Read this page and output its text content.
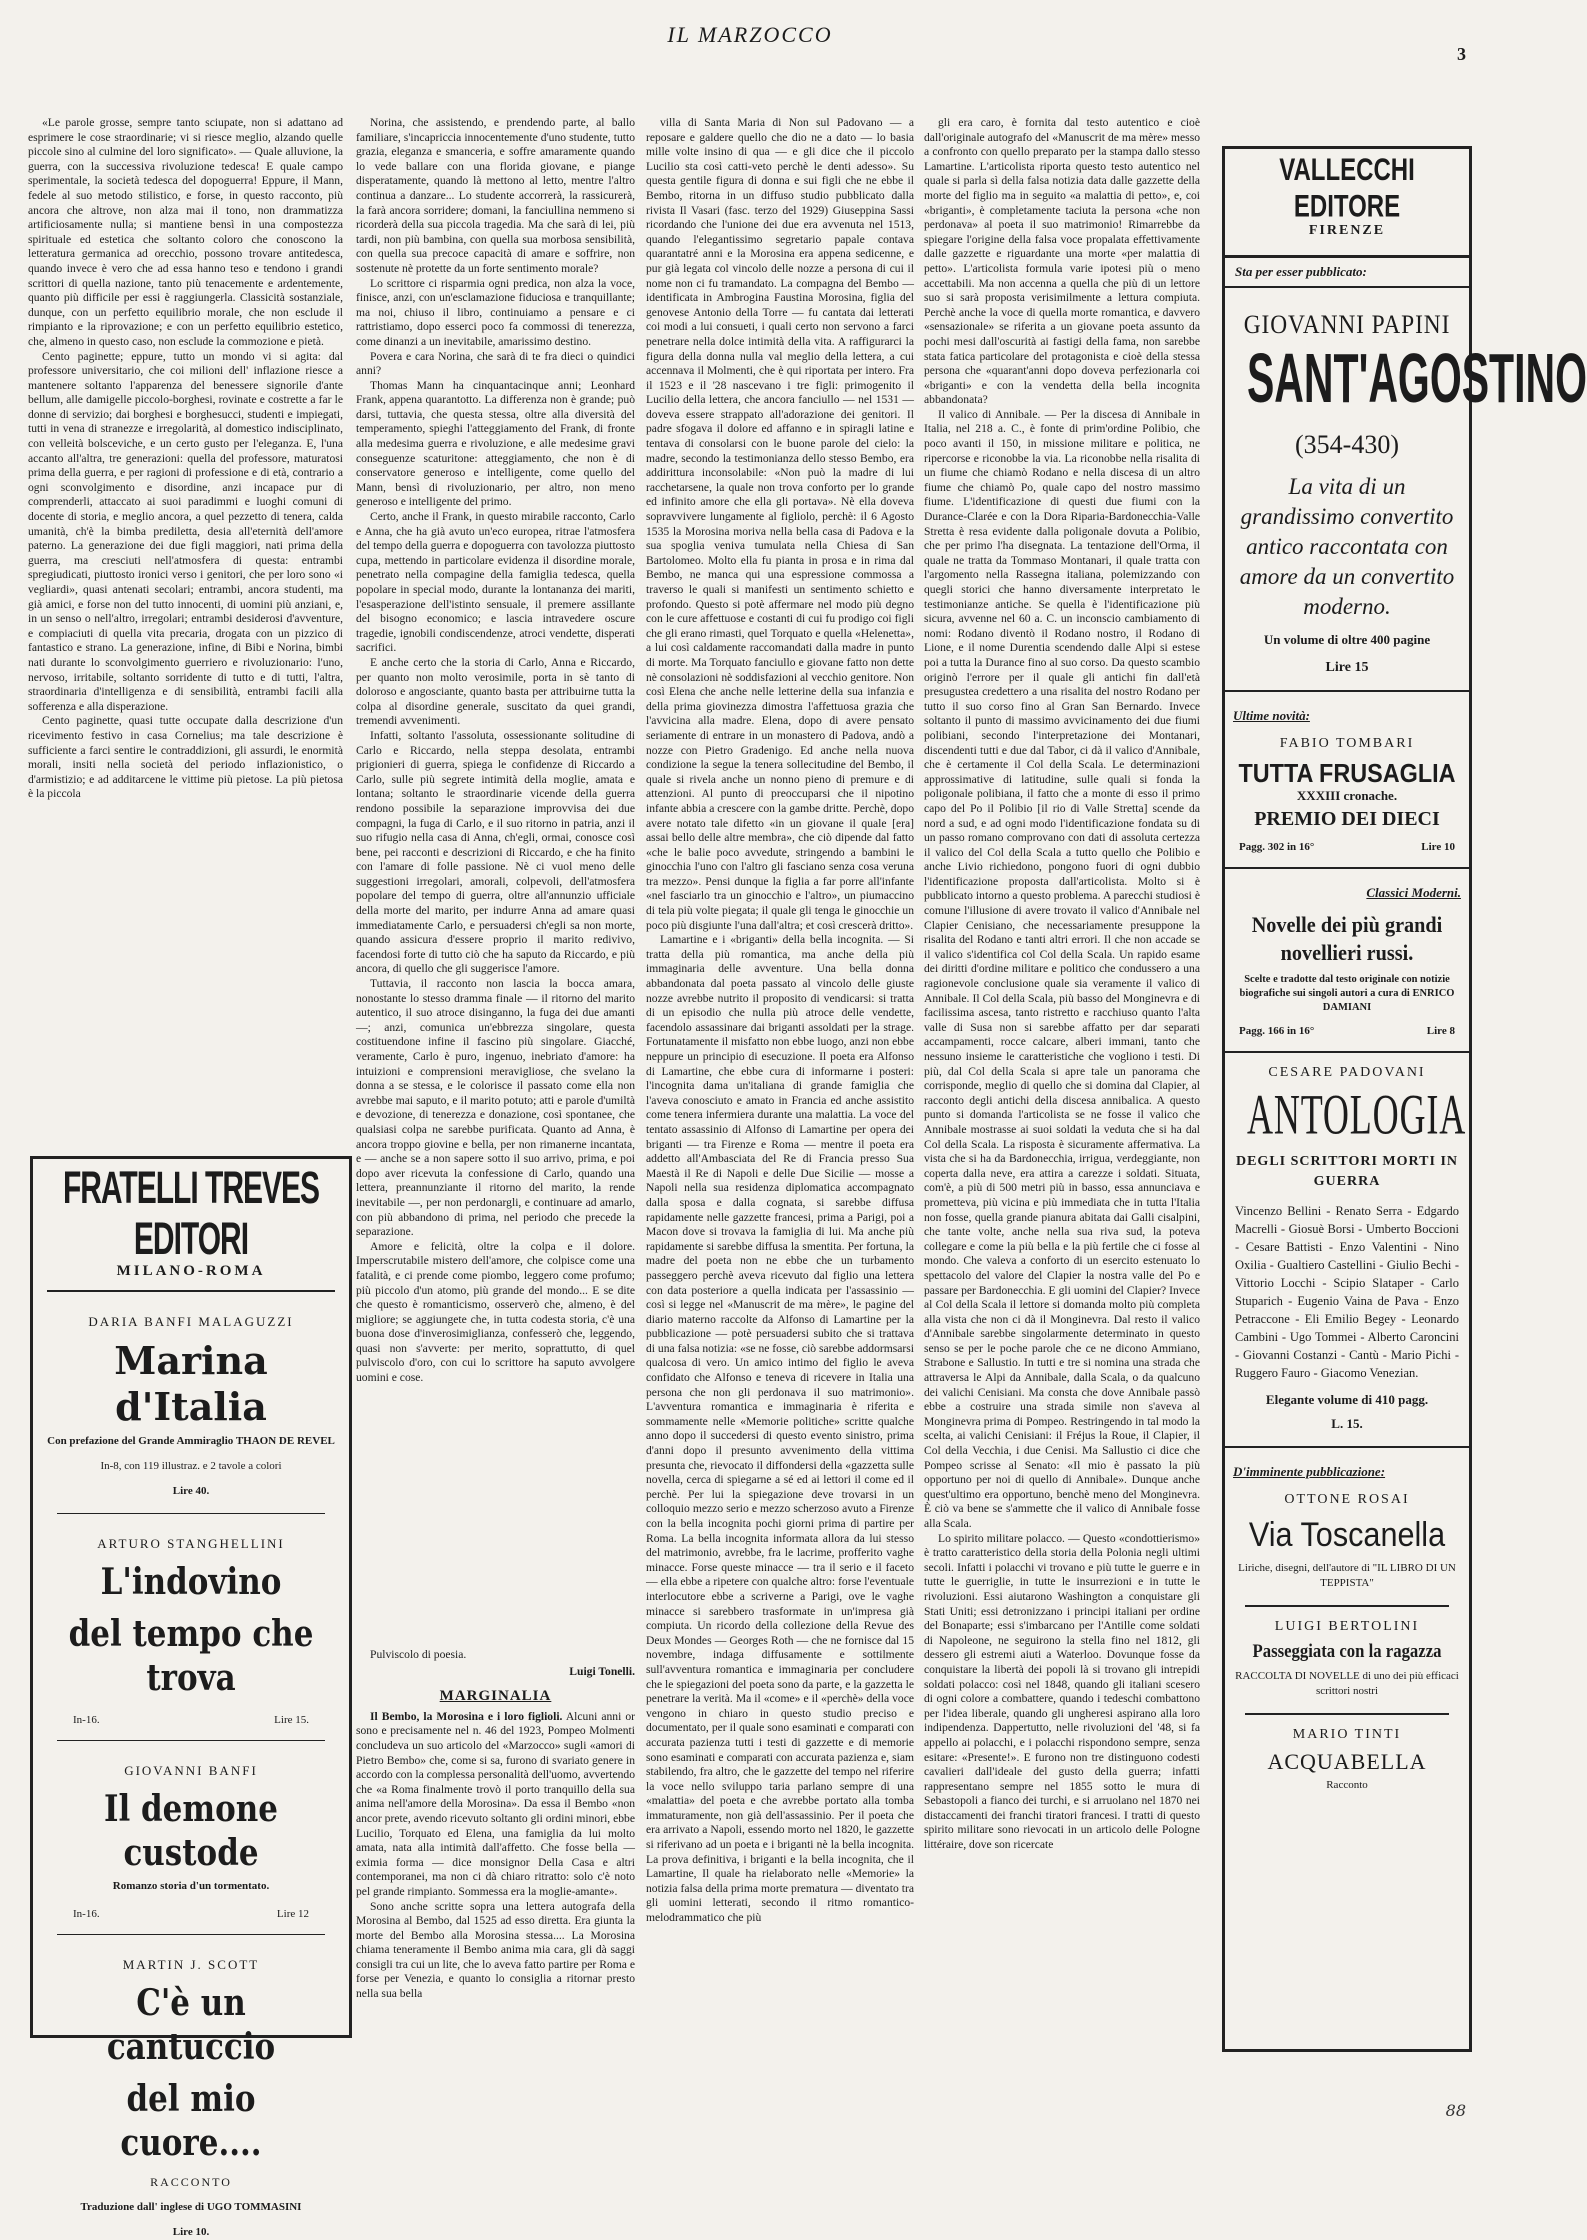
IL MARZOCCO
3

«Le parole grosse, sempre tanto sciupate, non si adattano ad esprimere le cose straordinarie; vi si riesce meglio, alzando quelle piccole sino al culmine del loro significato». — Quale alluvione, la guerra, con la successiva rivoluzione tedesca! E quale campo sperimentale, la società tedesca del dopoguerra! Eppure, il Mann, fedele al suo metodo stilistico, e forse, in questo racconto, più ancora che altrove, non alza mai il tono, non drammatizza artificiosamente nulla; si mantiene bensì in una compostezza spirituale ed estetica che soltanto coloro che conoscono la letteratura germanica ad orecchio, possono trovare antitedesca, quando invece è vero che ad essa hanno teso e tendono i grandi scrittori di quella nazione, tanto più tenacemente e ardentemente, quanto più difficile per essi è raggiungerla. Classicità sostanziale, dunque, con un perfetto equilibrio morale, che non esclude il rimpianto e la riprovazione; e con un perfetto equilibrio estetico, che, almeno in questo caso, non esclude la commozione e pietà.

Cento paginette; eppure, tutto un mondo vi si agita: dal professore universitario, che coi milioni dell' inflazione riesce a mantenere soltanto l'apparenza del benessere signorile d'ante bellum, alle damigelle piccolo-borghesi, rovinate e costrette a far le donne di servizio; dai borghesi e borghesucci, studenti e impiegati, tutti in vena di stranezze e irregolarità, al domestico indisciplinato, con velleità bolsceviche, e un certo gusto per l'eleganza. E, l'una accanto all'altra, tre generazioni: quella del professore, maturatosi prima della guerra, e per ragioni di professione e di età, contrario a ogni sconvolgimento e disordine, anzi incapace pur di comprenderli, attaccato ai suoi paradimmi e luoghi comuni di docente di storia, e meglio ancora, a quel pezzetto di tenera, calda umanità, ch'è la bimba prediletta, desia all'eternità dell'amore paterno. La generazione dei due figli maggiori, nati prima della guerra, ma cresciuti nell'atmosfera di questa: entrambi spregiudicati, piuttosto ironici verso i genitori, che per loro sono «i vegliardi», quasi antenati secolari; entrambi, ancora studenti, ma già amici, e forse non del tutto innocenti, di uomini più anziani, e, in un senso o nell'altro, irregolari; entrambi desiderosi d'avventure, e compiaciuti di quella vita precaria, drogata con un pizzico di fantastico e strano. La generazione, infine, di Bibi e Norina, bimbi nati durante lo sconvolgimento guerriero e rivoluzionario: l'uno, nervoso, irritabile, soltanto sorridente di tutto e di tutti, l'altra, straordinaria d'intelligenza e di sensibilità, entrambi facili alla sofferenza e alla disperazione.

Cento paginette, quasi tutte occupate dalla descrizione d'un ricevimento festivo in casa Cornelius; ma tale descrizione è sufficiente a farci sentire le contraddizioni, gli assurdi, le enormità morali, insiti nella società del periodo inflazionistico, o d'armistizio; e ad additarcene le vittime più pietose. La più pietosa è la piccola

FRATELLI TREVES EDITORI
MILANO-ROMA
DARIA BANFI MALAGUZZI
Marina d'Italia
Con prefazione del Grande Ammiraglio THAON DE REVEL
In-8, con 119 illustraz. e 2 tavole a colori
Lire 40.
ARTURO STANGHELLINI
L'indovino
del tempo che trova
In-16.	Lire 15.
GIOVANNI BANFI
Il demone custode
Romanzo storia d'un tormentato.
In-16.	Lire 12
MARTIN J. SCOTT
C'è un cantuccio
del mio cuore....
RACCONTO
Traduzione dall' inglese di UGO TOMMASINI
Lire 10.

Norina, che assistendo, e prendendo parte, al ballo familiare, s'incapriccia innocentemente d'uno studente, tutto grazia, eleganza e smanceria, e soffre amaramente quando lo vede ballare con una florida giovane, e piange disperatamente, quando là mettono al letto, mentre l'altro continua a danzare... Lo studente accorrerà, la rassicurerà, la farà ancora sorridere; domani, la fanciullina nemmeno si ricorderà della sua piccola tragedia. Ma che sarà di lei, più tardi, non più bambina, con quella sua morbosa sensibilità, con quella sua precoce capacità di amare e soffrire, non sostenute nè protette da un forte sentimento morale?

Lo scrittore ci risparmia ogni predica, non alza la voce, finisce, anzi, con un'esclamazione fiduciosa e tranquillante; ma noi, chiuso il libro, continuiamo a pensare e ci rattristiamo, dopo esserci poco fa commossi di tenerezza, come dinanzi a un inevitabile, amarissimo destino.

Povera e cara Norina, che sarà di te fra dieci o quindici anni?

Thomas Mann ha cinquantacinque anni; Leonhard Frank, appena quarantotto. La differenza non è grande; può darsi, tuttavia, che questa stessa, oltre alla diversità del temperamento, spieghi l'atteggiamento del Frank, di fronte alla medesima guerra e rivoluzione, e alle medesime gravi conseguenze scaturitone: atteggiamento, che non è di conservatore generoso e intelligente, come quello del Mann, bensì di rivoluzionario, per altro, non meno generoso e intelligente del primo.

Certo, anche il Frank, in questo mirabile racconto, Carlo e Anna, che ha già avuto un'eco europea, ritrae l'atmosfera del tempo della guerra e dopoguerra con tavolozza piuttosto cupa, mettendo in particolare evidenza il disordine morale, penetrato nella compagine della famiglia tedesca, quella popolare in special modo, durante la lontananza dei mariti, l'esasperazione dell'istinto sensuale, il premere assillante del bisogno economico; e lascia intravedere oscure tragedie, ignobili condiscendenze, atroci vendette, disperati sacrifici.

E anche certo che la storia di Carlo, Anna e Riccardo, per quanto non molto verosimile, porta in sè tanto di doloroso e angosciante, quanto basta per attribuirne tutta la colpa al disordine generale, suscitato da quei grandi, tremendi avvenimenti.

Infatti, soltanto l'assoluta, ossessionante solitudine di Carlo e Riccardo, nella steppa desolata, entrambi prigionieri di guerra, spiega le confidenze di Riccardo a Carlo, sulle più segrete intimità della moglie, amata e lontana; soltanto le straordinarie vicende della guerra rendono possibile la separazione improvvisa dei due compagni, la fuga di Carlo, e il suo ritorno in patria, anzi il suo rifugio nella casa di Anna, ch'egli, ormai, conosce così bene, pei racconti e descrizioni di Riccardo, e che ha finito con l'amare di folle passione. Nè ci vuol meno delle suggestioni irregolari, amorali, colpevoli, dell'atmosfera popolare del tempo di guerra, oltre all'annunzio ufficiale della morte del marito, per indurre Anna ad amare quasi immediatamente Carlo, e persuadersi ch'egli sa non morte, quando assicura d'essere proprio il marito redivivo, facendosi forte di tutto ciò che ha saputo da Riccardo, e più ancora, di quello che gli suggerisce l'amore.

Tuttavia, il racconto non lascia la bocca amara, nonostante lo stesso dramma finale — il ritorno del marito autentico, il suo atroce disinganno, la fuga dei due amanti —; anzi, comunica un'ebbrezza singolare, questa costituendone infine il fascino più singolare. Giacché, veramente, Carlo è puro, ingenuo, inebriato d'amore: ha intuizioni e comprensioni meravigliose, che svelano la donna a se stessa, e le colorisce il passato come ella non avrebbe mai saputo, e il marito potuto; atti e parole d'umiltà e devozione, di tenerezza e donazione, così spontanee, che qualsiasi colpa ne sarebbe purificata. Quanto ad Anna, è ancora troppo giovine e bella, per non rimanerne incantata, e — anche se a non sapere sotto il suo arrivo, prima, e poi dopo aver ricevuta la confessione di Carlo, quando una lettera, preannunziante il ritorno del marito, la rende inevitabile —, per non perdonargli, e continuare ad amarlo, con più abbandono di prima, nel periodo che precede la separazione.

Amore e felicità, oltre la colpa e il dolore. Imperscrutabile mistero dell'amore, che colpisce come una fatalità, e ci prende come piombo, leggero come profumo; più piccolo d'un atomo, più grande del mondo... E se dite che questo è romanticismo, osserverò che, almeno, è del migliore; se aggiungete che, in tutta codesta storia, c'è una buona dose d'inverosimiglianza, confesserò che, leggendo, quasi non s'avverte: per merito, soprattutto, di quel pulviscolo d'oro, con cui lo scrittore ha saputo avvolgere uomini e cose.

Pulviscolo di poesia.

Luigi Tonelli.
MARGINALIA

Il Bembo, la Morosina e i loro figlioli. Alcuni anni or sono e precisamente nel n. 46 del 1923, Pompeo Molmenti concludeva un suo articolo del «Marzocco» sugli «amori di Pietro Bembo» che, come si sa, furono di svariato genere in accordo con la complessa personalità dell'uomo, avvertendo che «a Roma finalmente trovò il porto tranquillo della sua anima nell'amore della Morosina». Da essa il Bembo «non ancor prete, avendo ricevuto soltanto gli ordini minori, ebbe Lucilio, Torquato ed Elena, una famiglia da lui molto amata, nata alla intimità dall'affetto. Che fosse bella — eximia forma — dice monsignor Della Casa e altri contemporanei, ma non ci dà chiaro ritratto: solo c'è noto pel grande rimpianto. Sommessa era la moglie-amante».

Sono anche scritte sopra una lettera autografa della Morosina al Bembo, dal 1525 ad esso diretta. Era giunta la morte del Bembo alla Morosina stessa.... La Morosina chiama teneramente il Bembo anima mia cara, gli dà saggi consigli tra cui un lite, che lo aveva fatto partire per Roma e forse per Venezia, e quanto lo consiglia a ritornar presto nella sua bella

villa di Santa Maria di Non sul Padovano — a reposare e galdere quello che dio ne a dato — lo basia mille volte insino di qua — e gli dice che il piccolo Lucilio sta così catti-veto perchè le denti adesso». Su questa gentile figura di donna e sui figli che ne ebbe il Bembo, ritorna in un diffuso studio pubblicato dalla rivista Il Vasari (fasc. terzo del 1929) Giuseppina Sassi ricordando che l'unione dei due era avvenuta nel 1513, quando l'elegantissimo segretario papale contava quarantatré anni e la Morosina era appena sedicenne, e pur già legata col vincolo delle nozze a persona di cui il nome non ci fu tramandato. La compagna del Bembo — identificata in Ambrogina Faustina Morosina, figlia del genovese Antonio della Torre — fu cantata dai letterati coi modi a lui consueti, i quali certo non servono a farci penetrare nella dolce intimità della vita. A raffigurarci la figura della donna nulla val meglio della lettera, a cui accennava il Molmenti, che è qui riportata per intero. Fra il 1523 e il '28 nascevano i tre figli: primogenito il Lucilio della lettera, che ancora fanciullo — nel 1531 — doveva essere strappato all'adorazione dei genitori. Il padre sfogava il dolore ed affanno e in spiragli latine e tentava di consolarsi con le buone parole del cielo: la madre, secondo la testimonianza dello stesso Bembo, era addirittura inconsolabile: «Non può la madre di lui racchetarsene, la quale non trova conforto per lo grande ed infinito amore che ella gli portava». Nè ella doveva sopravvivere lungamente al figliolo, perchè: il 6 Agosto 1535 la Morosina moriva nella bella casa di Padova e la sua spoglia veniva tumulata nella Chiesa di San Bartolomeo. Molto ella fu pianta in prosa e in rima dal Bembo, ne manca qui una espressione commossa a traverso le quali si manifesti un sentimento schietto e profondo. Questo si potè affermare nel modo più degno con le cure affettuose e costanti di cui fu prodigo coi figli che gli erano rimasti, quel Torquato e quella «Helenetta», a lui così caldamente raccomandati dalla madre in punto di morte. Ma Torquato fanciullo e giovane fatto non dette nè consolazioni nè soddisfazioni al vecchio genitore. Non così Elena che anche nelle letterine della sua infanzia e della prima giovinezza dimostra l'affettuosa grazia che l'avvicina alla madre. Elena, dopo di avere pensato seriamente di entrare in un monastero di Padova, andò a nozze con Pietro Gradenigo. Ed anche nella nuova condizione la segue la tenera sollecitudine del Bembo, il quale si rivela anche un nonno pieno di premure e di attenzioni. Al punto di preoccuparsi che il nipotino infante abbia a crescere con la gambe dritte. Perchè, dopo avere notato tale difetto «in un giovane il quale [era] assai bello delle altre membra», che ciò dipende dal fatto «che le balie poco avvedute, stringendo a bambini le ginocchia l'uno con l'altro gli fasciano senza cosa veruna tra mezzo». Pensi dunque la figlia a far porre all'infante «nel fasciarlo tra un ginocchio e l'altro», un piumaccino di tela più volte piegata; il quale gli tenga le ginocchie un poco più disgiunte l'una dall'altra; et così crescerà dritto».

Lamartine e i «briganti» della bella incognita. — Si tratta della più romantica, ma anche della più immaginaria delle avventure. Una bella donna abbandonata dal poeta passato al vincolo delle giuste nozze avrebbe nutrito il proposito di vendicarsi: si tratta di un episodio che nulla più atroce delle vendette, facendolo assassinare dai briganti assoldati per la strage. Fortunatamente il misfatto non ebbe luogo, anzi non ebbe neppure un principio di esecuzione. Il poeta era Alfonso di Lamartine, che ebbe cura di informarne i posteri: l'incognita dama un'italiana di grande famiglia che l'aveva conosciuto e amato in Francia ed anche assistito come tenera infermiera durante una malattia. La voce del tentato assassinio di Alfonso di Lamartine per opera dei briganti — tra Firenze e Roma — mentre il poeta era addetto all'Ambasciata del Re di Francia presso Sua Maestà il Re di Napoli e delle Due Sicilie — mosse a Napoli nella sua residenza diplomatica accompagnato dalla sposa e dalla cognata, si sarebbe diffusa rapidamente nelle gazzette francesi, prima a Parigi, poi a Macon dove si trovava la famiglia di lui. Ma anche più rapidamente si sarebbe diffusa la smentita. Per fortuna, la madre del poeta non ne ebbe che un turbamento passeggero perchè aveva ricevuto dal figlio una lettera con data posteriore a quella indicata per l'assassinio — così si legge nel «Manuscrit de ma mère», le pagine del diario materno raccolte da Alfonso di Lamartine per la pubblicazione — potè persuadersi subito che si trattava di una falsa notizia: «se ne fosse, ciò sarebbe addormsarsi qualcosa di vero. Un amico intimo del figlio le aveva confidato che Alfonso e teneva di ricevere in Italia una persona che non gli perdonava il suo matrimonio». L'avventura romantica e immaginaria è riferita e sommamente nelle «Memorie politiche» scritte qualche anno dopo il succedersi di questo evento sinistro, prima d'anni dopo il presunto avvenimento della vittima presunta che, rievocato il diffondersi della «gazzetta sulle novella, cerca di spiegarne a sé ed ai lettori il come ed il perchè. Per lui la spiegazione deve trovarsi in un colloquio mezzo serio e mezzo scherzoso avuto a Firenze con la bella incognita pochi giorni prima di partire per Roma. La bella incognita informata allora da lui stesso del matrimonio, avrebbe, fra le lacrime, profferito vaghe minacce. Forse queste minacce — tra il serio e il faceto — ella ebbe a ripetere con qualche altro: forse l'eventuale interlocutore ebbe a scriverne a Parigi, ove le vaghe minacce si sarebbero trasformate in un'impresa già compiuta. Un ricordo della collezione della Revue des Deux Mondes — Georges Roth — che ne fornisce dal 15 novembre, indaga diffusamente e sottilmente sull'avventura romantica e immaginaria per concludere che le spiegazioni del poeta sono da parte, e la gazzetta le penetrare la verità. Ma il «come» e il «perchè» della voce vengono in chiaro in questo studio preciso e documentato, per il quale sono esaminati e comparati con accurata pazienza tutti i testi di gazzette e di memorie sono esaminati e comparati con accurata pazienza e, siam stabilendo, fra altro, che le gazzette del tempo nel riferire la voce nello sviluppo taria parlano sempre di una «malattia» del poeta e che avrebbe portato alla tomba immaturamente, non già dell'assassinio. Per il poeta che era arrivato a Napoli, essendo morto nel 1820, le gazzette si riferivano ad un poeta e i briganti nè la bella incognita. La prova definitiva, i briganti e la bella incognita, che il Lamartine, Il quale ha rielaborato nelle «Memorie» la notizia falsa della prima morte prematura — diventato tra gli uomini letterati, secondo il ritmo romantico-melodrammatico che più

gli era caro, è fornita dal testo autentico e cioè dall'originale autografo del «Manuscrit de ma mère» messo a confronto con quello preparato per la stampa dallo stesso Lamartine. L'articolista riporta questo testo autentico nel quale si parla sì della falsa notizia data dalle gazzette della morte del figlio ma in seguito «a malattia di petto», e, coi «briganti», è completamente taciuta la persona «che non perdonava» al poeta il suo matrimonio! Rimarrebbe da spiegare l'origine della falsa voce propalata effettivamente dalle gazzette e riguardante una morte «per malattia di petto». L'articolista formula varie ipotesi più o meno accettabili. Ma non accenna a quella che più di un lettore suo si sarà proposta verisimilmente a lettura compiuta. Perchè anche la voce di quella morte romantica, e davvero «sensazionale» se riferita a un giovane poeta assunto da pochi mesi dall'oscurità ai fastigi della fama, non sarebbe stata fatica particolare del protagonista e cioè della stessa persona che «quarant'anni dopo doveva perfezionarla coi «briganti» e con la vendetta della bella incognita abbandonata?

Il valico di Annibale. — Per la discesa di Annibale in Italia, nel 218 a. C., è fonte di prim'ordine Polibio, che poco avanti il 150, in missione militare e politica, ne ripercorse e riconobbe la via. La riconobbe nella risalita di un fiume che chiamò Rodano e nella discesa di un altro fiume che chiamò Po, quale capo del nostro massimo fiume. L'identificazione di questi due fiumi con la Durance-Clarée e con la Dora Riparia-Bardonecchia-Valle Stretta è resa evidente dalla poligonale dovuta a Polibio, che per primo l'ha disegnata. La tentazione dell'Orma, il quale ne tratta da Tommaso Montanari, il quale tratta con l'argomento nella Rassegna italiana, polemizzando con quegli storici che hanno diversamente interpretato le testimonianze antiche. Se quella è l'identificazione più sicura, avvenne nel 60 a. C. un inconscio cambiamento di nomi: Rodano diventò il Rodano nostro, il Rodano di Lione, e il nome Durentia scendendo dalle Alpi si estese poi a tutta la Durance fino al suo corso. Da questo scambio originò l'errore per il quale gli antichi fin dall'età presugustea credettero a una risalita del nostro Rodano per tutto il suo corso fino al Gran San Bernardo. Invece soltanto il punto di massimo avvicinamento dei due fiumi polibiani, secondo l'interpretazione dei Montanari, discendenti tutti e due dal Tabor, ci dà il valico d'Annibale, che è certamente il Col della Scala. Le determinazioni approssimative di latitudine, sulle quali si fonda la poligonale polibiana, il fatto che a monte di esso il primo capo del Po il Polibio [il rio di Valle Stretta] scende da nord a sud, e ad ogni modo l'identificazione fondata su di un passo romano comprovano con dati di assoluta certezza il valico del Col della Scala a tutto quello che Polibio e anche Livio richiedono, pongono fuori di ogni dubbio l'identificazione proposta dall'articolista. Molto si è pubblicato intorno a questo problema. A parecchi studiosi è comune l'illusione di avere trovato il valico d'Annibale nel Clapier Cenisiano, che necessariamente presuppone la risalita del Rodano e tanti altri errori. Il che non accade se il valico s'identifica col Col della Scala. Un rapido esame dei diritti d'ordine militare e politico che condussero a una ragionevole conclusione quale sia veramente il valico di Annibale. Il Col della Scala, più basso del Monginevra e di facilissima ascesa, tanto ristretto e racchiuso quanto l'alta valle di Susa non si sarebbe affatto per dar separati accampamenti, rocce calcare, alberi immani, tanto che nessuno insieme le caratteristiche che vogliono i testi. Di più, dal Col della Scala si apre tale un panorama che corrisponde, meglio di quello che si domina dal Clapier, al racconto degli antichi della discesa annibalica. A questo punto si domanda l'articolista se ne fosse il valico che Annibale mostrasse ai suoi soldati la veduta che si ha dal Col della Scala. La risposta è sicuramente affermativa. La vista che si ha da Bardonecchia, irrigua, verdeggiante, non coperta dalla neve, era attira a carezze i soldati. Situata, com'è, a più di 500 metri più in basso, essa annunciava e prometteva, più vicina e più immediata che in tutta l'Italia non fosse, quella grande pianura abitata dai Galli cisalpini, che tante volte, anche nella sua riva sud, la poteva collegare e come la più bella e la più fertile che ci fosse al mondo. Che valeva a conforto di un esercito estenuato lo spettacolo del valore del Clapier la nostra valle del Po e passare per Bardonecchia. E gli uomini del Clapier? Invece al Col della Scala il lettore si domanda molto più completa alla vista che non ci dà il Monginevra. Dal resto il valico d'Annibale sarebbe singolarmente determinato in questo senso se per le poche parole che ce ne dicono Ammiano, Strabone e Sallustio. In tutti e tre si nomina una strada che attraversa le Alpi da Annibale, dalla Scala, o da qualcuno dei valichi Cenisiani. Ma consta che dove Annibale passò ebbe a costruire una strada simile non s'aveva al Monginevra prima di Pompeo. Restringendo in tal modo la scelta, ai valichi Cenisiani: il Fréjus la Roue, il Clapier, il Col della Vecchia, i due Cenisi. Ma Sallustio ci dice che Pompeo scrisse al Senato: «Il mio è passato la più opportuno per noi di quello di Annibale». Dunque anche quest'ultimo era opportuno, benchè meno del Monginevra. È ciò va bene se s'ammette che il valico di Annibale fosse alla Scala.

Lo spirito militare polacco. — Questo «condottierismo» è tratto caratteristico della storia della Polonia negli ultimi secoli. Infatti i polacchi vi trovano e più tutte le guerre e in tutte le guerriglie, in tutte le insurrezioni e in tutte le rivoluzioni. Essi aiutarono Washington a conquistare gli Stati Uniti; essi detronizzano i principi italiani per ordine del Bonaparte; essi s'imbarcano per l'Antille come soldati di Napoleone, ne seguirono la stella fino nel 1812, gli dessero gli estremi aiuti a Waterloo. Dovunque fosse da conquistare la libertà dei popoli là si trovano gli intrepidi soldati polacco: così nel 1848, quando gli italiani scesero di ogni colore a combattere, quando i tedeschi combattono per l'idea liberale, quando gli ungheresi aspirano alla loro indipendenza. Dappertutto, nelle rivoluzioni del '48, si fa appello ai polacchi, e i polacchi rispondono sempre, senza esitare: «Presente!». E furono non tre distinguono codesti cavalieri dall'ideale del gusto della guerra; infatti rappresentano sempre nel 1855 sotto le mura di Sebastopoli a fianco dei turchi, e si arruolano nel 1870 nei distaccamenti dei franchi tiratori francesi. I tratti di questo spirito militare sono rievocati in un articolo delle Pologne littéraire, dove son ricercate

VALLECCHI EDITORE
FIRENZE
Sta per esser pubblicato:
GIOVANNI PAPINI
SANT'AGOSTINO
(354-430)
La vita di un grandissimo convertito antico raccontata con amore da un convertito moderno.
Un volume di oltre 400 pagine
Lire 15
Ultime novità:
FABIO TOMBARI
TUTTA FRUSAGLIA
XXXIII cronache.
PREMIO DEI DIECI
Pagg. 302 in 16°	Lire 10
Classici Moderni.
Novelle dei più grandi novellieri russi.
Scelte e tradotte dal testo originale con notizie biografiche sui singoli autori a cura di ENRICO DAMIANI
Pagg. 166 in 16°	Lire 8
CESARE PADOVANI
ANTOLOGIA
DEGLI SCRITTORI MORTI IN GUERRA
Vincenzo Bellini - Renato Serra - Edgardo Macrelli - Giosuè Borsi - Umberto Boccioni - Cesare Battisti - Enzo Valentini - Nino Oxilia - Gualtiero Castellini - Giulio Bechi - Vittorio Locchi - Scipio Slataper - Carlo Stuparich - Eugenio Vaina de Pava - Enzo Petraccone - Eli Emilio Begey - Leonardo Cambini - Ugo Tommei - Alberto Caroncini - Giovanni Costanzi - Cantù - Mario Pichi - Ruggero Fauro - Giacomo Venezian.
Elegante volume di 410 pagg.
L. 15.
D'imminente pubblicazione:
OTTONE ROSAI
Via Toscanella
Liriche, disegni, dell'autore di "IL LIBRO DI UN TEPPISTA"
LUIGI BERTOLINI
Passeggiata con la ragazza
RACCOLTA DI NOVELLE di uno dei più efficaci scrittori nostri
MARIO TINTI
ACQUABELLA
Racconto
88
